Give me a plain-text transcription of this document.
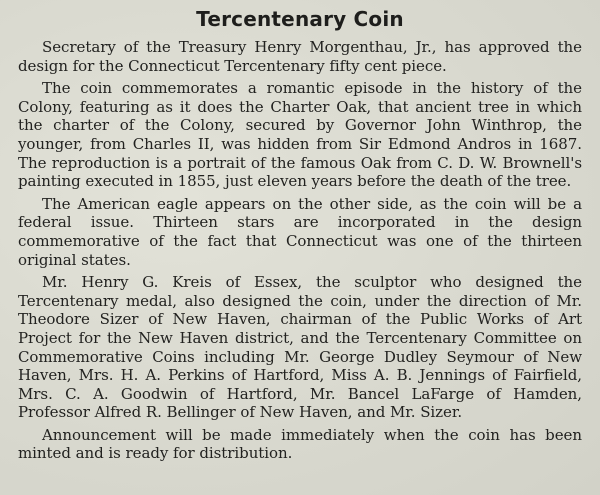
Tercentenary Coin

Secretary of the Treasury Henry Morgenthau, Jr., has approved the design for the Connecticut Tercentenary fifty cent piece.

The coin commemorates a romantic episode in the history of the Colony, featuring as it does the Charter Oak, that ancient tree in which the charter of the Colony, secured by Governor John Winthrop, the younger, from Charles II, was hidden from Sir Edmond Andros in 1687. The reproduction is a portrait of the famous Oak from C. D. W. Brownell's painting executed in 1855, just eleven years before the death of the tree.

The American eagle appears on the other side, as the coin will be a federal issue. Thirteen stars are incorporated in the design commemorative of the fact that Connecticut was one of the thirteen original states.

Mr. Henry G. Kreis of Essex, the sculptor who designed the Tercentenary medal, also designed the coin, under the direction of Mr. Theodore Sizer of New Haven, chairman of the Public Works of Art Project for the New Haven district, and the Tercentenary Committee on Commemorative Coins including Mr. George Dudley Seymour of New Haven, Mrs. H. A. Perkins of Hartford, Miss A. B. Jennings of Fairfield, Mrs. C. A. Goodwin of Hartford, Mr. Bancel LaFarge of Hamden, Professor Alfred R. Bellinger of New Haven, and Mr. Sizer.

Announcement will be made immediately when the coin has been minted and is ready for distribution.
